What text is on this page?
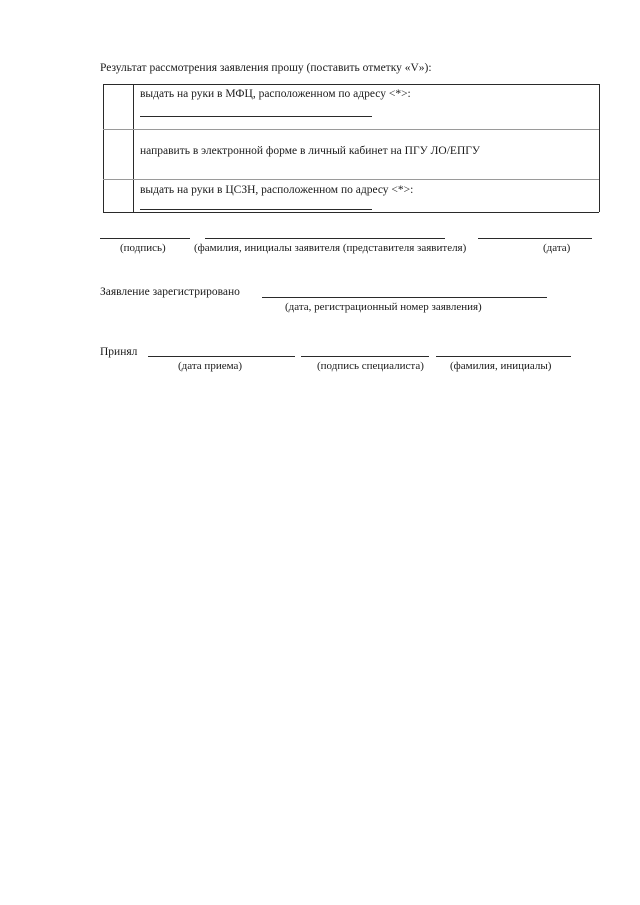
Результат рассмотрения заявления прошу (поставить отметку «V»):
выдать на руки в МФЦ, расположенном по адресу <*>:
направить в электронной форме в личный кабинет на ПГУ ЛО/ЕПГУ
выдать на руки в ЦСЗН, расположенном по адресу <*>:
(подпись)	(фамилия, инициалы заявителя (представителя заявителя)	(дата)
Заявление зарегистрировано
(дата, регистрационный номер заявления)
Принял
(дата приема)	(подпись специалиста) (фамилия, инициалы)
